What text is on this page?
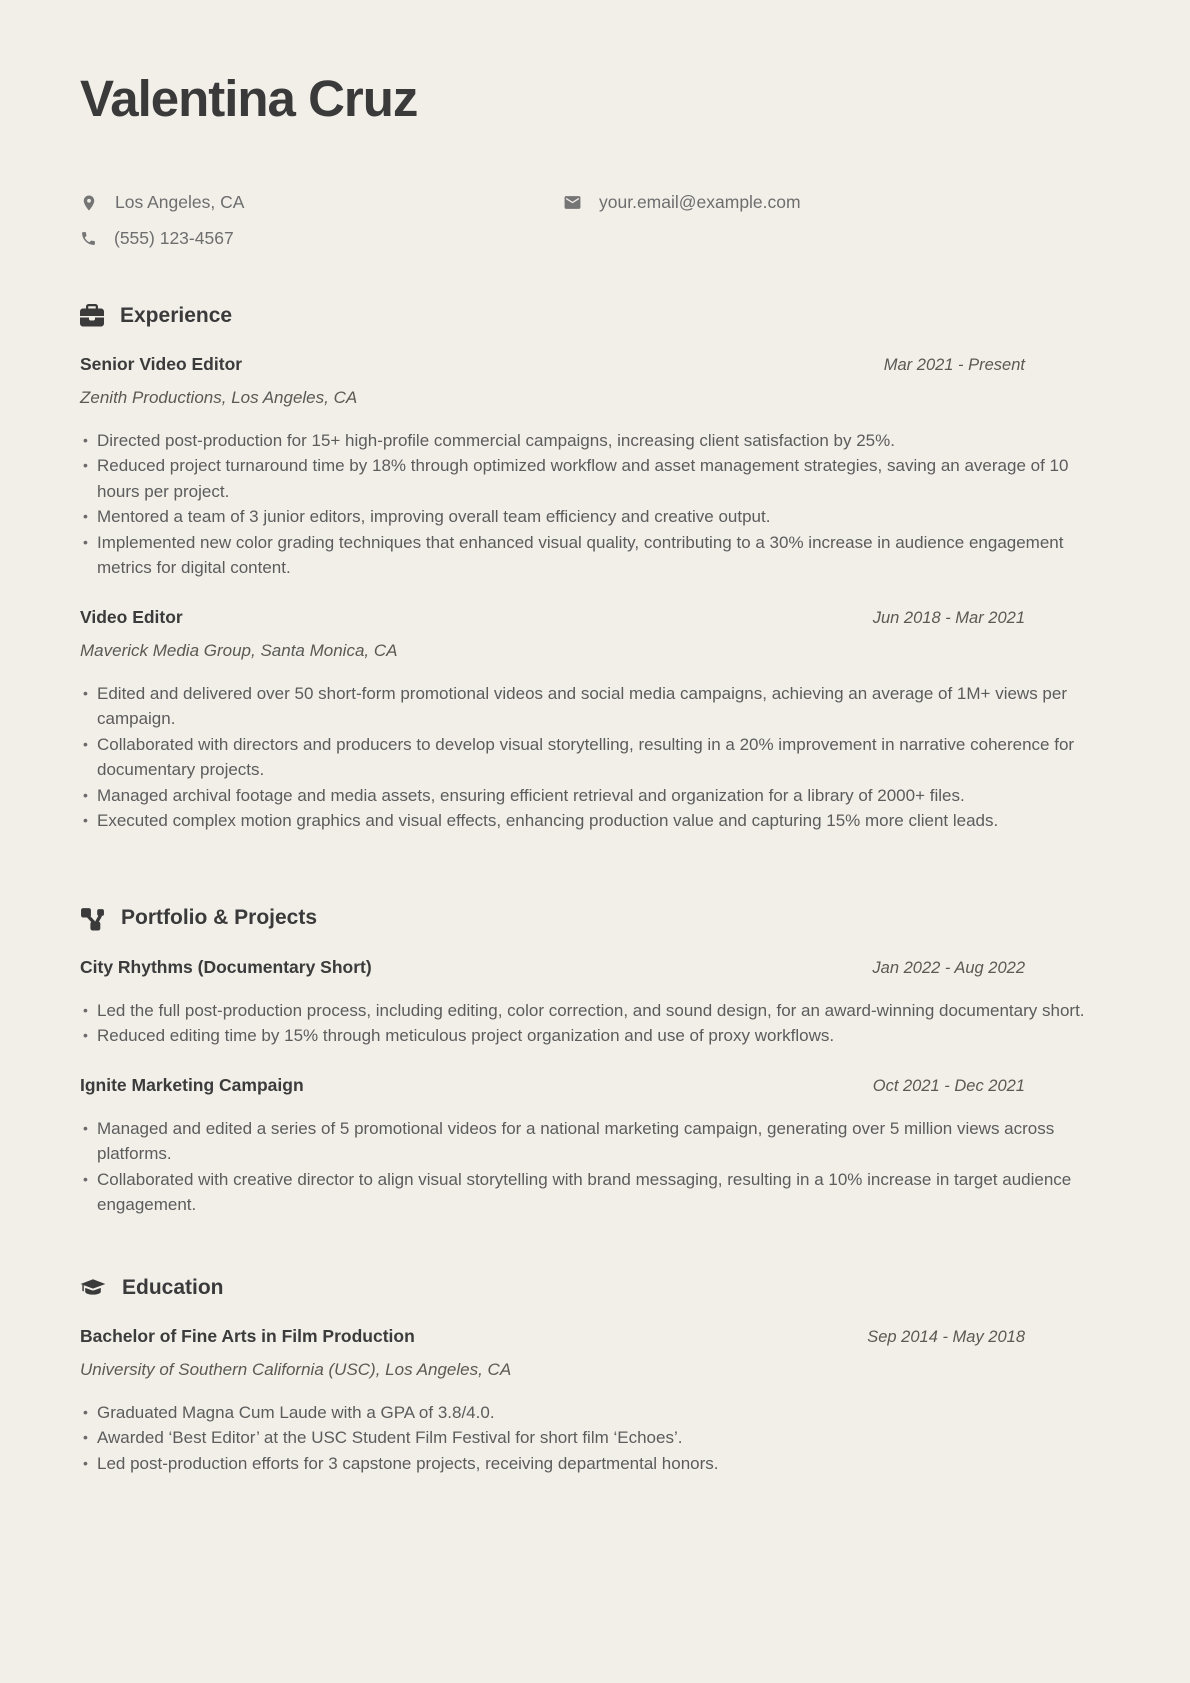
Valentina Cruz
Los Angeles, CA	your.email@example.com
(555) 123-4567
Experience
Senior Video Editor	Mar 2021 - Present
Zenith Productions, Los Angeles, CA
• Directed post-production for 15+ high-profile commercial campaigns, increasing client satisfaction by 25%.
• Reduced project turnaround time by 18% through optimized workflow and asset management strategies, saving an average of 10 hours per project.
• Mentored a team of 3 junior editors, improving overall team efficiency and creative output.
• Implemented new color grading techniques that enhanced visual quality, contributing to a 30% increase in audience engagement metrics for digital content.
Video Editor	Jun 2018 - Mar 2021
Maverick Media Group, Santa Monica, CA
• Edited and delivered over 50 short-form promotional videos and social media campaigns, achieving an average of 1M+ views per campaign.
• Collaborated with directors and producers to develop visual storytelling, resulting in a 20% improvement in narrative coherence for documentary projects.
• Managed archival footage and media assets, ensuring efficient retrieval and organization for a library of 2000+ files.
• Executed complex motion graphics and visual effects, enhancing production value and capturing 15% more client leads.
Portfolio & Projects
City Rhythms (Documentary Short)	Jan 2022 - Aug 2022
• Led the full post-production process, including editing, color correction, and sound design, for an award-winning documentary short.
• Reduced editing time by 15% through meticulous project organization and use of proxy workflows.
Ignite Marketing Campaign	Oct 2021 - Dec 2021
• Managed and edited a series of 5 promotional videos for a national marketing campaign, generating over 5 million views across platforms.
• Collaborated with creative director to align visual storytelling with brand messaging, resulting in a 10% increase in target audience engagement.
Education
Bachelor of Fine Arts in Film Production	Sep 2014 - May 2018
University of Southern California (USC), Los Angeles, CA
• Graduated Magna Cum Laude with a GPA of 3.8/4.0.
• Awarded ‘Best Editor’ at the USC Student Film Festival for short film ‘Echoes’.
• Led post-production efforts for 3 capstone projects, receiving departmental honors.
